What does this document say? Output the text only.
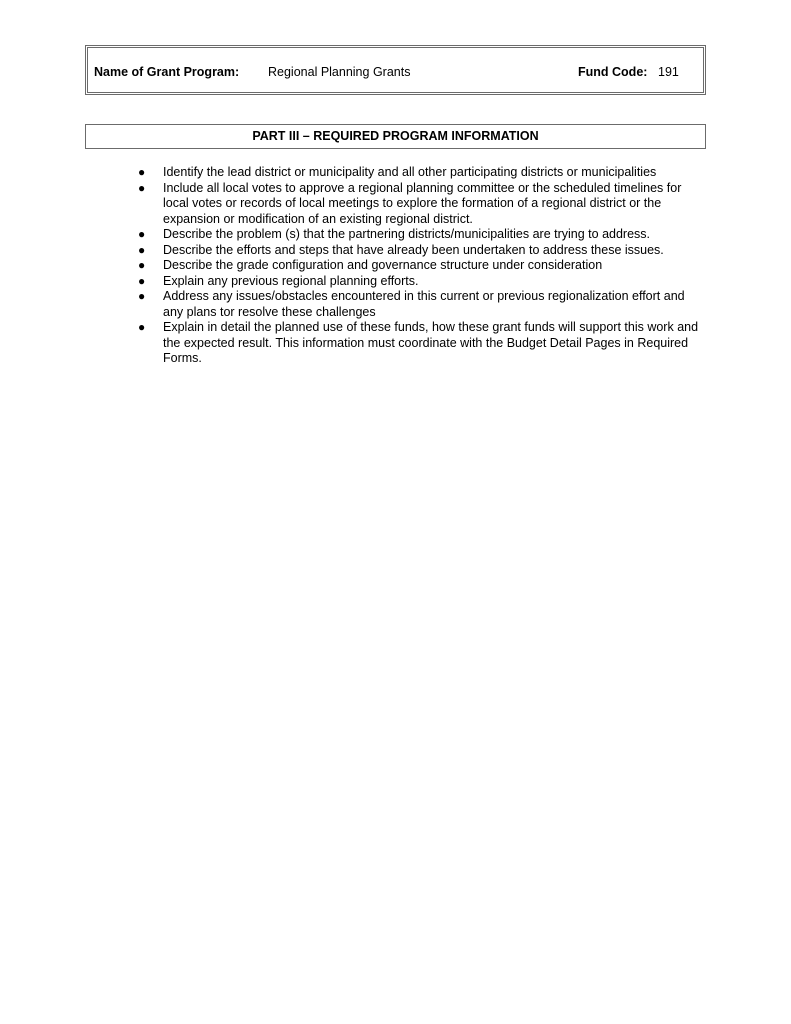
Name of Grant Program: Regional Planning Grants	Fund Code: 191
PART III – REQUIRED PROGRAM INFORMATION
● Identify the lead district or municipality and all other participating districts or municipalities
● Include all local votes to approve a regional planning committee or the scheduled timelines for local votes or records of local meetings to explore the formation of a regional district or the expansion or modification of an existing regional district.
● Describe the problem (s) that the partnering districts/municipalities are trying to address.
● Describe the efforts and steps that have already been undertaken to address these issues.
● Describe the grade configuration and governance structure under consideration
● Explain any previous regional planning efforts.
● Address any issues/obstacles encountered in this current or previous regionalization effort and any plans tor resolve these challenges
● Explain in detail the planned use of these funds, how these grant funds will support this work and the expected result. This information must coordinate with the Budget Detail Pages in Required Forms.
